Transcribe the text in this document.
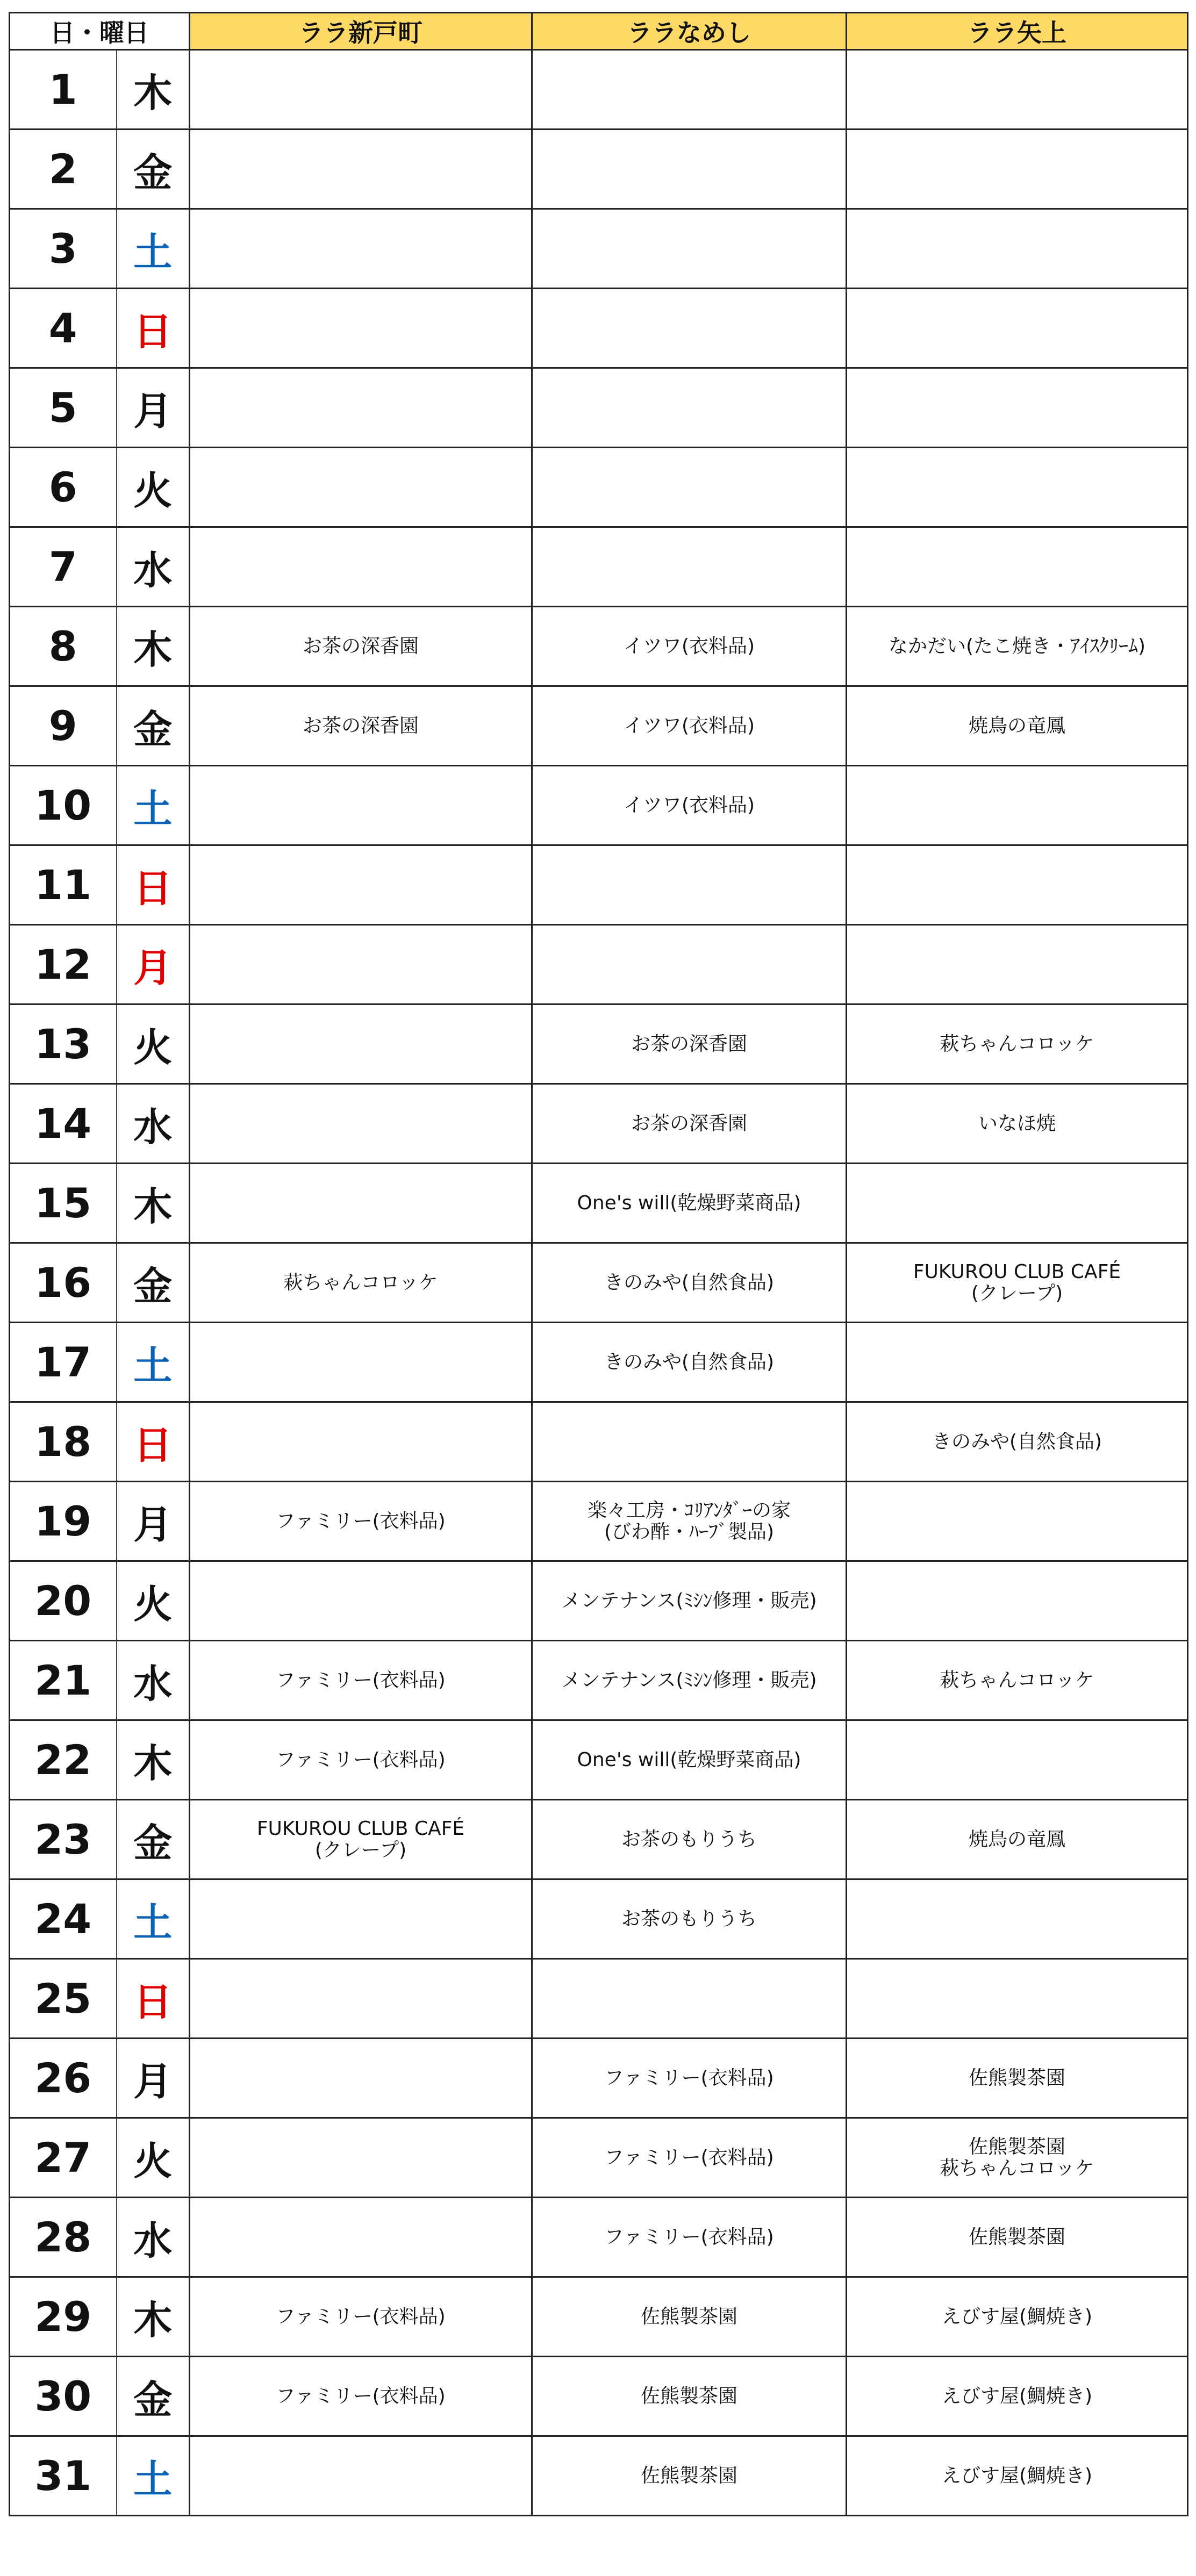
日・曜日		ララ新戸町	ララなめし	ララ矢上
1	木			
2	金			
3	土			
4	日			
5	月			
6	火			
7	水			
8	木	お茶の深香園	イツワ(衣料品)	なかだい(たこ焼き・ｱｲｽｸﾘｰﾑ)

9	金	お茶の深香園	イツワ(衣料品)	焼鳥の竜鳳

10	土		イツワ(衣料品)	

11	日			
12	月			
13	火		お茶の深香園	萩ちゃんコロッケ

14	水		お茶の深香園	いなほ焼

15	木		One's will(乾燥野菜商品)	

16	金	萩ちゃんコロッケ	きのみや(自然食品)	FUKUROU CLUB CAFÉ
(クレープ)

17	土		きのみや(自然食品)	

18	日			きのみや(自然食品)

19	月	ファミリー(衣料品)	楽々工房・ｺﾘｱﾝﾀﾞｰの家
(びわ酢・ﾊｰﾌﾞ製品)	

20	火		メンテナンス(ﾐｼﾝ修理・販売)	

21	水	ファミリー(衣料品)	メンテナンス(ﾐｼﾝ修理・販売)	萩ちゃんコロッケ

22	木	ファミリー(衣料品)	One's will(乾燥野菜商品)	

23	金	FUKUROU CLUB CAFÉ
(クレープ)	お茶のもりうち	焼鳥の竜鳳

24	土		お茶のもりうち	

25	日			
26	月		ファミリー(衣料品)	佐熊製茶園

27	火		ファミリー(衣料品)	佐熊製茶園
萩ちゃんコロッケ

28	水		ファミリー(衣料品)	佐熊製茶園

29	木	ファミリー(衣料品)	佐熊製茶園	えびす屋(鯛焼き)

30	金	ファミリー(衣料品)	佐熊製茶園	えびす屋(鯛焼き)

31	土		佐熊製茶園	えびす屋(鯛焼き)
